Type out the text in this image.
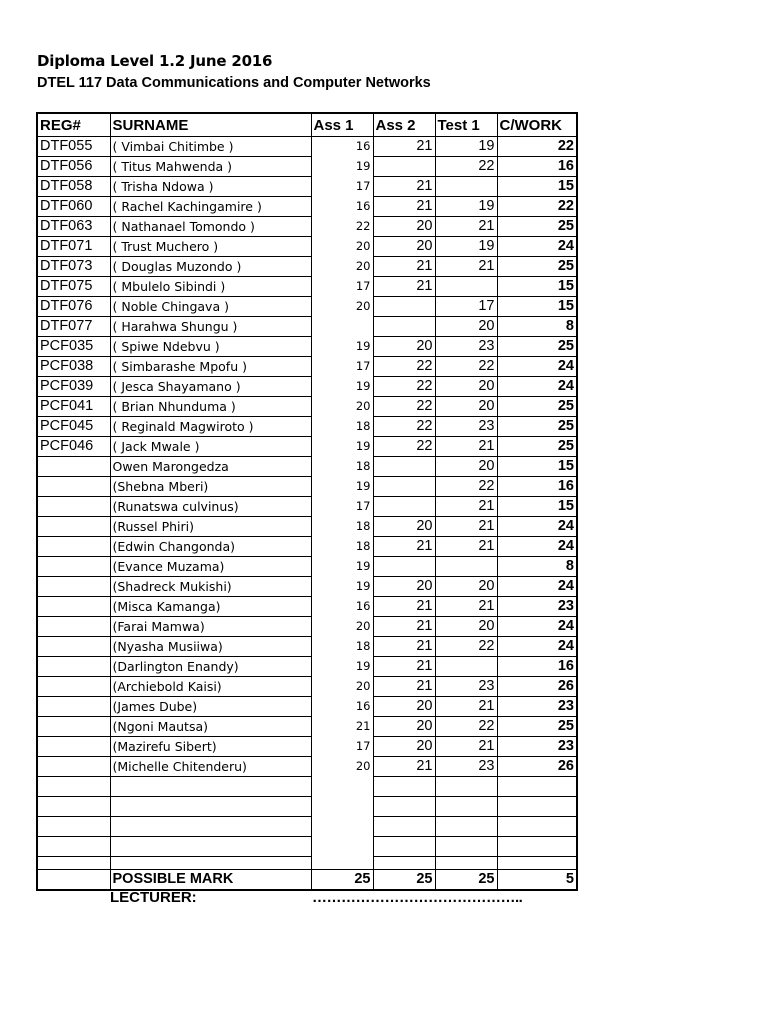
Diploma Level 1.2 June 2016
DTEL 117 Data Communications and Computer Networks
REG#	SURNAME	Ass 1	Ass 2	Test 1	C/WORK
DTF055	( Vimbai Chitimbe )	16	21	19	22
DTF056	( Titus Mahwenda )	19		22	16
DTF058	( Trisha Ndowa )	17	21		15
DTF060	( Rachel Kachingamire )	16	21	19	22
DTF063	( Nathanael Tomondo )	22	20	21	25
DTF071	( Trust Muchero )	20	20	19	24
DTF073	( Douglas Muzondo )	20	21	21	25
DTF075	( Mbulelo Sibindi )	17	21		15
DTF076	( Noble Chingava )	20		17	15
DTF077	( Harahwa Shungu )			20	8
PCF035	( Spiwe Ndebvu )	19	20	23	25
PCF038	( Simbarashe Mpofu )	17	22	22	24
PCF039	( Jesca Shayamano )	19	22	20	24
PCF041	( Brian Nhunduma )	20	22	20	25
PCF045	( Reginald Magwiroto )	18	22	23	25
PCF046	( Jack Mwale )	19	22	21	25
	Owen Marongedza	18		20	15
	(Shebna Mberi)	19		22	16
	(Runatswa culvinus)	17		21	15
	(Russel Phiri)	18	20	21	24
	(Edwin Changonda)	18	21	21	24
	(Evance Muzama)	19			8
	(Shadreck Mukishi)	19	20	20	24
	(Misca Kamanga)	16	21	21	23
	(Farai Mamwa)	20	21	20	24
	(Nyasha Musiiwa)	18	21	22	24
	(Darlington Enandy)	19	21		16
	(Archiebold Kaisi)	20	21	23	26
	(James Dube)	16	20	21	23
	(Ngoni Mautsa)	21	20	22	25
	(Mazirefu Sibert)	17	20	21	23
	(Michelle Chitenderu)	20	21	23	26

	POSSIBLE MARK	25	25	25	5
LECTURER:	……………………………………..
